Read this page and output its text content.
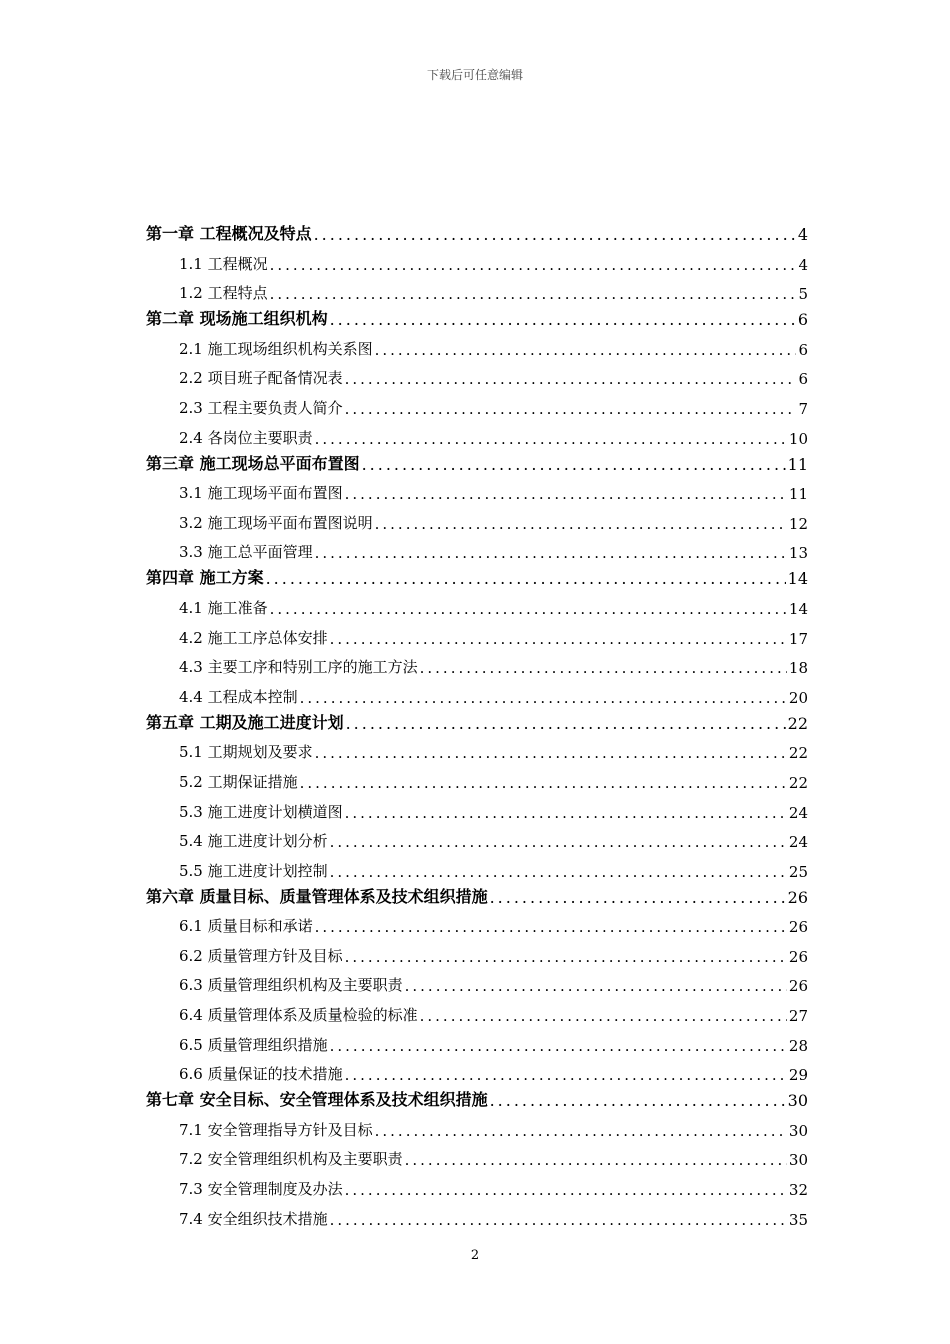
下载后可任意编辑
第一章 工程概况及特点 .....	4
1.1 工程概况 .....	4
1.2 工程特点 .....	5
第二章 现场施工组织机构 .....	6
2.1 施工现场组织机构关系图 .....	6
2.2 项目班子配备情况表 .....	6
2.3 工程主要负责人简介 .....	7
2.4 各岗位主要职责 .....	10
第三章 施工现场总平面布置图 .....	11
3.1 施工现场平面布置图 .....	11
3.2 施工现场平面布置图说明 .....	12
3.3 施工总平面管理 .....	13
第四章 施工方案 .....	14
4.1 施工准备 .....	14
4.2 施工工序总体安排 .....	17
4.3 主要工序和特别工序的施工方法 .....	18
4.4 工程成本控制 .....	20
第五章 工期及施工进度计划 .....	22
5.1 工期规划及要求 .....	22
5.2 工期保证措施 .....	22
5.3 施工进度计划横道图 .....	24
5.4 施工进度计划分析 .....	24
5.5 施工进度计划控制 .....	25
第六章 质量目标、质量管理体系及技术组织措施 .....	26
6.1 质量目标和承诺 .....	26
6.2 质量管理方针及目标 .....	26
6.3 质量管理组织机构及主要职责 .....	26
6.4 质量管理体系及质量检验的标准 .....	27
6.5 质量管理组织措施 .....	28
6.6 质量保证的技术措施 .....	29
第七章 安全目标、安全管理体系及技术组织措施 .....	30
7.1 安全管理指导方针及目标 .....	30
7.2 安全管理组织机构及主要职责 .....	30
7.3 安全管理制度及办法 .....	32
7.4 安全组织技术措施 .....	35
2
